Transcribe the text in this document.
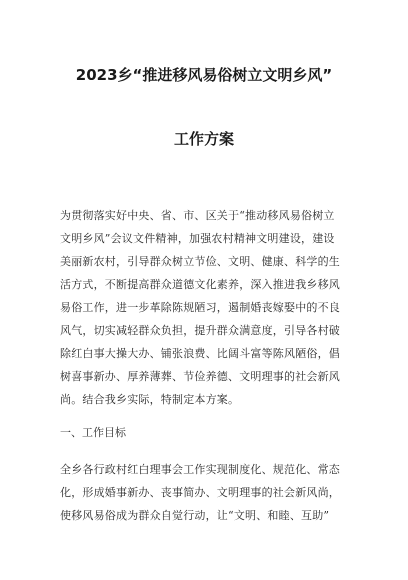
2023乡“推进移风易俗树立文明乡风”
工作方案
为贯彻落实好中央、省、市、区关于“推动移风易俗树立
文明乡风”会议文件精神，加强农村精神文明建设，建设
美丽新农村，引导群众树立节俭、文明、健康、科学的生
活方式，不断提高群众道德文化素养，深入推进我乡移风
易俗工作，进一步革除陈规陋习，遏制婚丧嫁娶中的不良
风气，切实减轻群众负担，提升群众满意度，引导各村破
除红白事大操大办、铺张浪费、比阔斗富等陈风陋俗，倡
树喜事新办、厚养薄葬、节俭养德、文明理事的社会新风
尚。结合我乡实际，特制定本方案。
一、工作目标
全乡各行政村红白理事会工作实现制度化、规范化、常态
化，形成婚事新办、丧事简办、文明理事的社会新风尚，
使移风易俗成为群众自觉行动，让“文明、和睦、互助”
